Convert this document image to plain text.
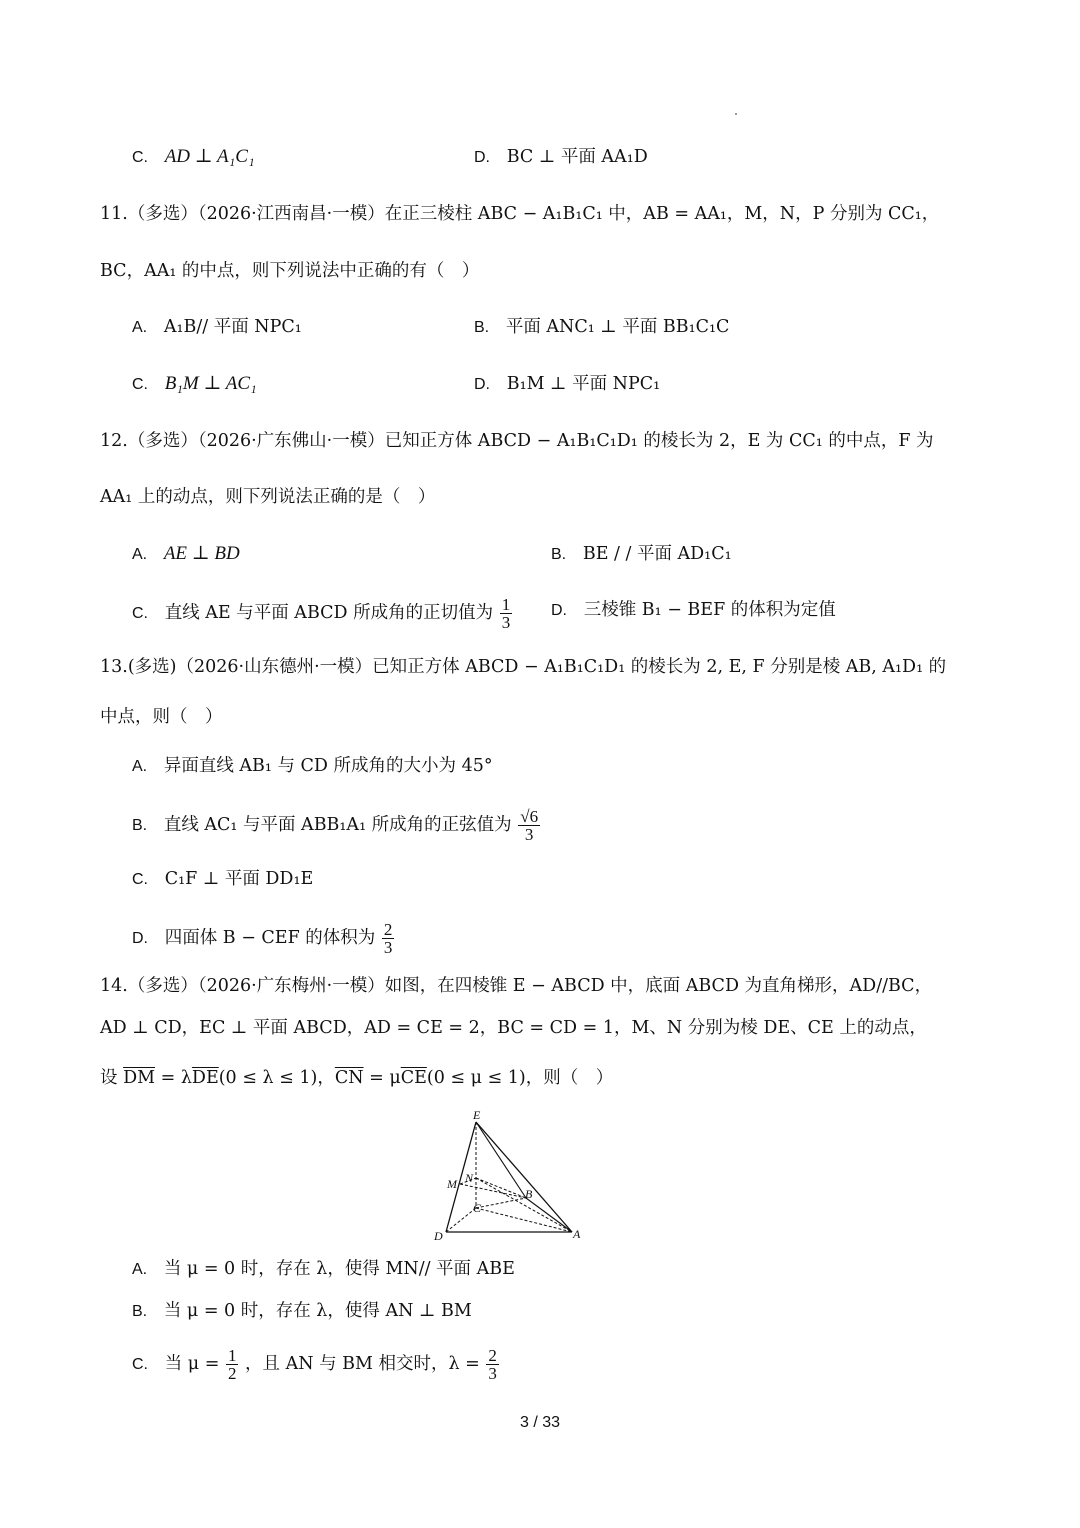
C. AD ⊥ A₁C₁	D. BC ⊥ 平面 AA₁D
11.（多选）（2026·江西南昌·一模）在正三棱柱 ABC − A₁B₁C₁ 中，AB = AA₁，M，N，P 分别为 CC₁，
BC，AA₁ 的中点，则下列说法中正确的有（　）
A. A₁B// 平面 NPC₁	B. 平面 ANC₁ ⊥ 平面 BB₁C₁C
C. B₁M ⊥ AC₁	D. B₁M ⊥ 平面 NPC₁
12.（多选）（2026·广东佛山·一模）已知正方体 ABCD − A₁B₁C₁D₁ 的棱长为 2，E 为 CC₁ 的中点，F 为
AA₁ 上的动点，则下列说法正确的是（　）
A. AE ⊥ BD	B. BE / / 平面 AD₁C₁
C. 直线 AE 与平面 ABCD 所成角的正切值为 $\frac{1}{3} D$. 三棱锥 B₁ − BEF 的体积为定值
13.(多选)（2026·山东德州·一模）已知正方体 ABCD − A₁B₁C₁D₁ 的棱长为 2, E, F 分别是棱 AB, A₁D₁ 的
中点，则（　）
A. 异面直线 AB₁ 与 CD 所成角的大小为 45°
B. 直线 AC₁ 与平面 ABB₁A₁ 所成角的正弦值为 $\frac{√6}{3}$
C. C₁F ⊥ 平面 DD₁E
D. 四面体 B − CEF 的体积为 $\frac{2}{3}$
14.（多选）（2026·广东梅州·一模）如图，在四棱锥 E − ABCD 中，底面 ABCD 为直角梯形，AD//BC，
AD ⊥ CD，EC ⊥ 平面 ABCD，AD = CE = 2，BC = CD = 1，M、N 分别为棱 DE、CE 上的动点，
设 $\overline{DM} = \lambda\overline{DE}(0 \le \lambda \le 1)$，$\overline{CN} = \mu\overline{CE}(0 \le \mu \le 1)$，则（　）
E
M N
B
C
D	A
A. 当 μ = 0 时，存在 λ，使得 MN// 平面 ABE
B. 当 μ = 0 时，存在 λ，使得 AN ⊥ BM
C. 当 $\mu = \frac{1}{2}$ ，且 AN 与 BM 相交时，$\lambda = \frac{2}{3}$
3 / 33
